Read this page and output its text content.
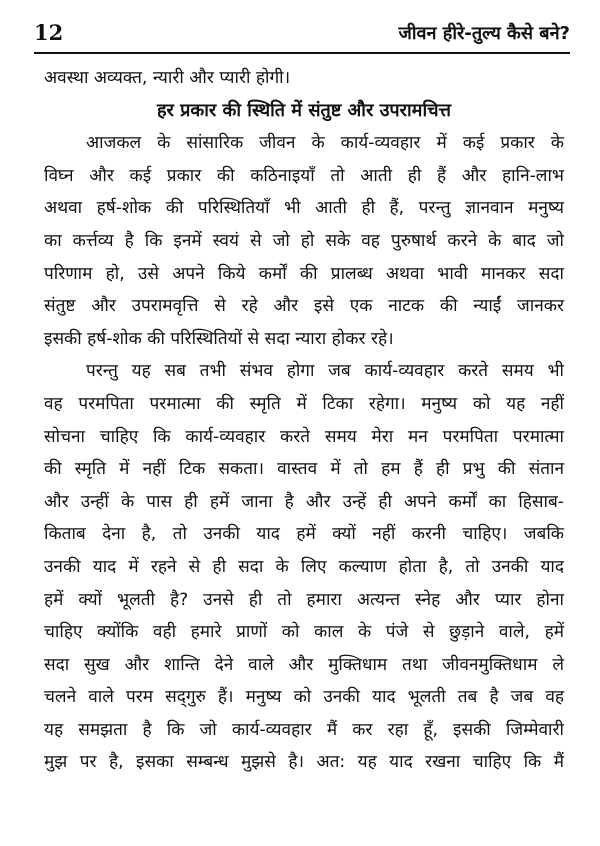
12	जीवन हीरे-तुल्य कैसे बने?
अवस्था अव्यक्त, न्यारी और प्यारी होगी।
हर प्रकार की स्थिति में संतुष्ट और उपरामचित्त
आजकल के सांसारिक जीवन के कार्य-व्यवहार में कई प्रकार के
विघ्न और कई प्रकार की कठिनाइयाँ तो आती ही हैं और हानि-लाभ
अथवा हर्ष-शोक की परिस्थितियाँ भी आती ही हैं, परन्तु ज्ञानवान मनुष्य
का कर्त्तव्य है कि इनमें स्वयं से जो हो सके वह पुरुषार्थ करने के बाद जो
परिणाम हो, उसे अपने किये कर्मों की प्रालब्ध अथवा भावी मानकर सदा
संतुष्ट और उपरामवृत्ति से रहे और इसे एक नाटक की न्याईं जानकर
इसकी हर्ष-शोक की परिस्थितियों से सदा न्यारा होकर रहे।
परन्तु यह सब तभी संभव होगा जब कार्य-व्यवहार करते समय भी
वह परमपिता परमात्मा की स्मृति में टिका रहेगा। मनुष्य को यह नहीं
सोचना चाहिए कि कार्य-व्यवहार करते समय मेरा मन परमपिता परमात्मा
की स्मृति में नहीं टिक सकता। वास्तव में तो हम हैं ही प्रभु की संतान
और उन्हीं के पास ही हमें जाना है और उन्हें ही अपने कर्मों का हिसाब-
किताब देना है, तो उनकी याद हमें क्यों नहीं करनी चाहिए। जबकि
उनकी याद में रहने से ही सदा के लिए कल्याण होता है, तो उनकी याद
हमें क्यों भूलती है? उनसे ही तो हमारा अत्यन्त स्नेह और प्यार होना
चाहिए क्योंकि वही हमारे प्राणों को काल के पंजे से छुड़ाने वाले, हमें
सदा सुख और शान्ति देने वाले और मुक्तिधाम तथा जीवनमुक्तिधाम ले
चलने वाले परम सद्‌गुरु हैं। मनुष्य को उनकी याद भूलती तब है जब वह
यह समझता है कि जो कार्य-व्यवहार मैं कर रहा हूँ, इसकी जिम्मेवारी
मुझ पर है, इसका सम्बन्ध मुझसे है। अत: यह याद रखना चाहिए कि मैं
